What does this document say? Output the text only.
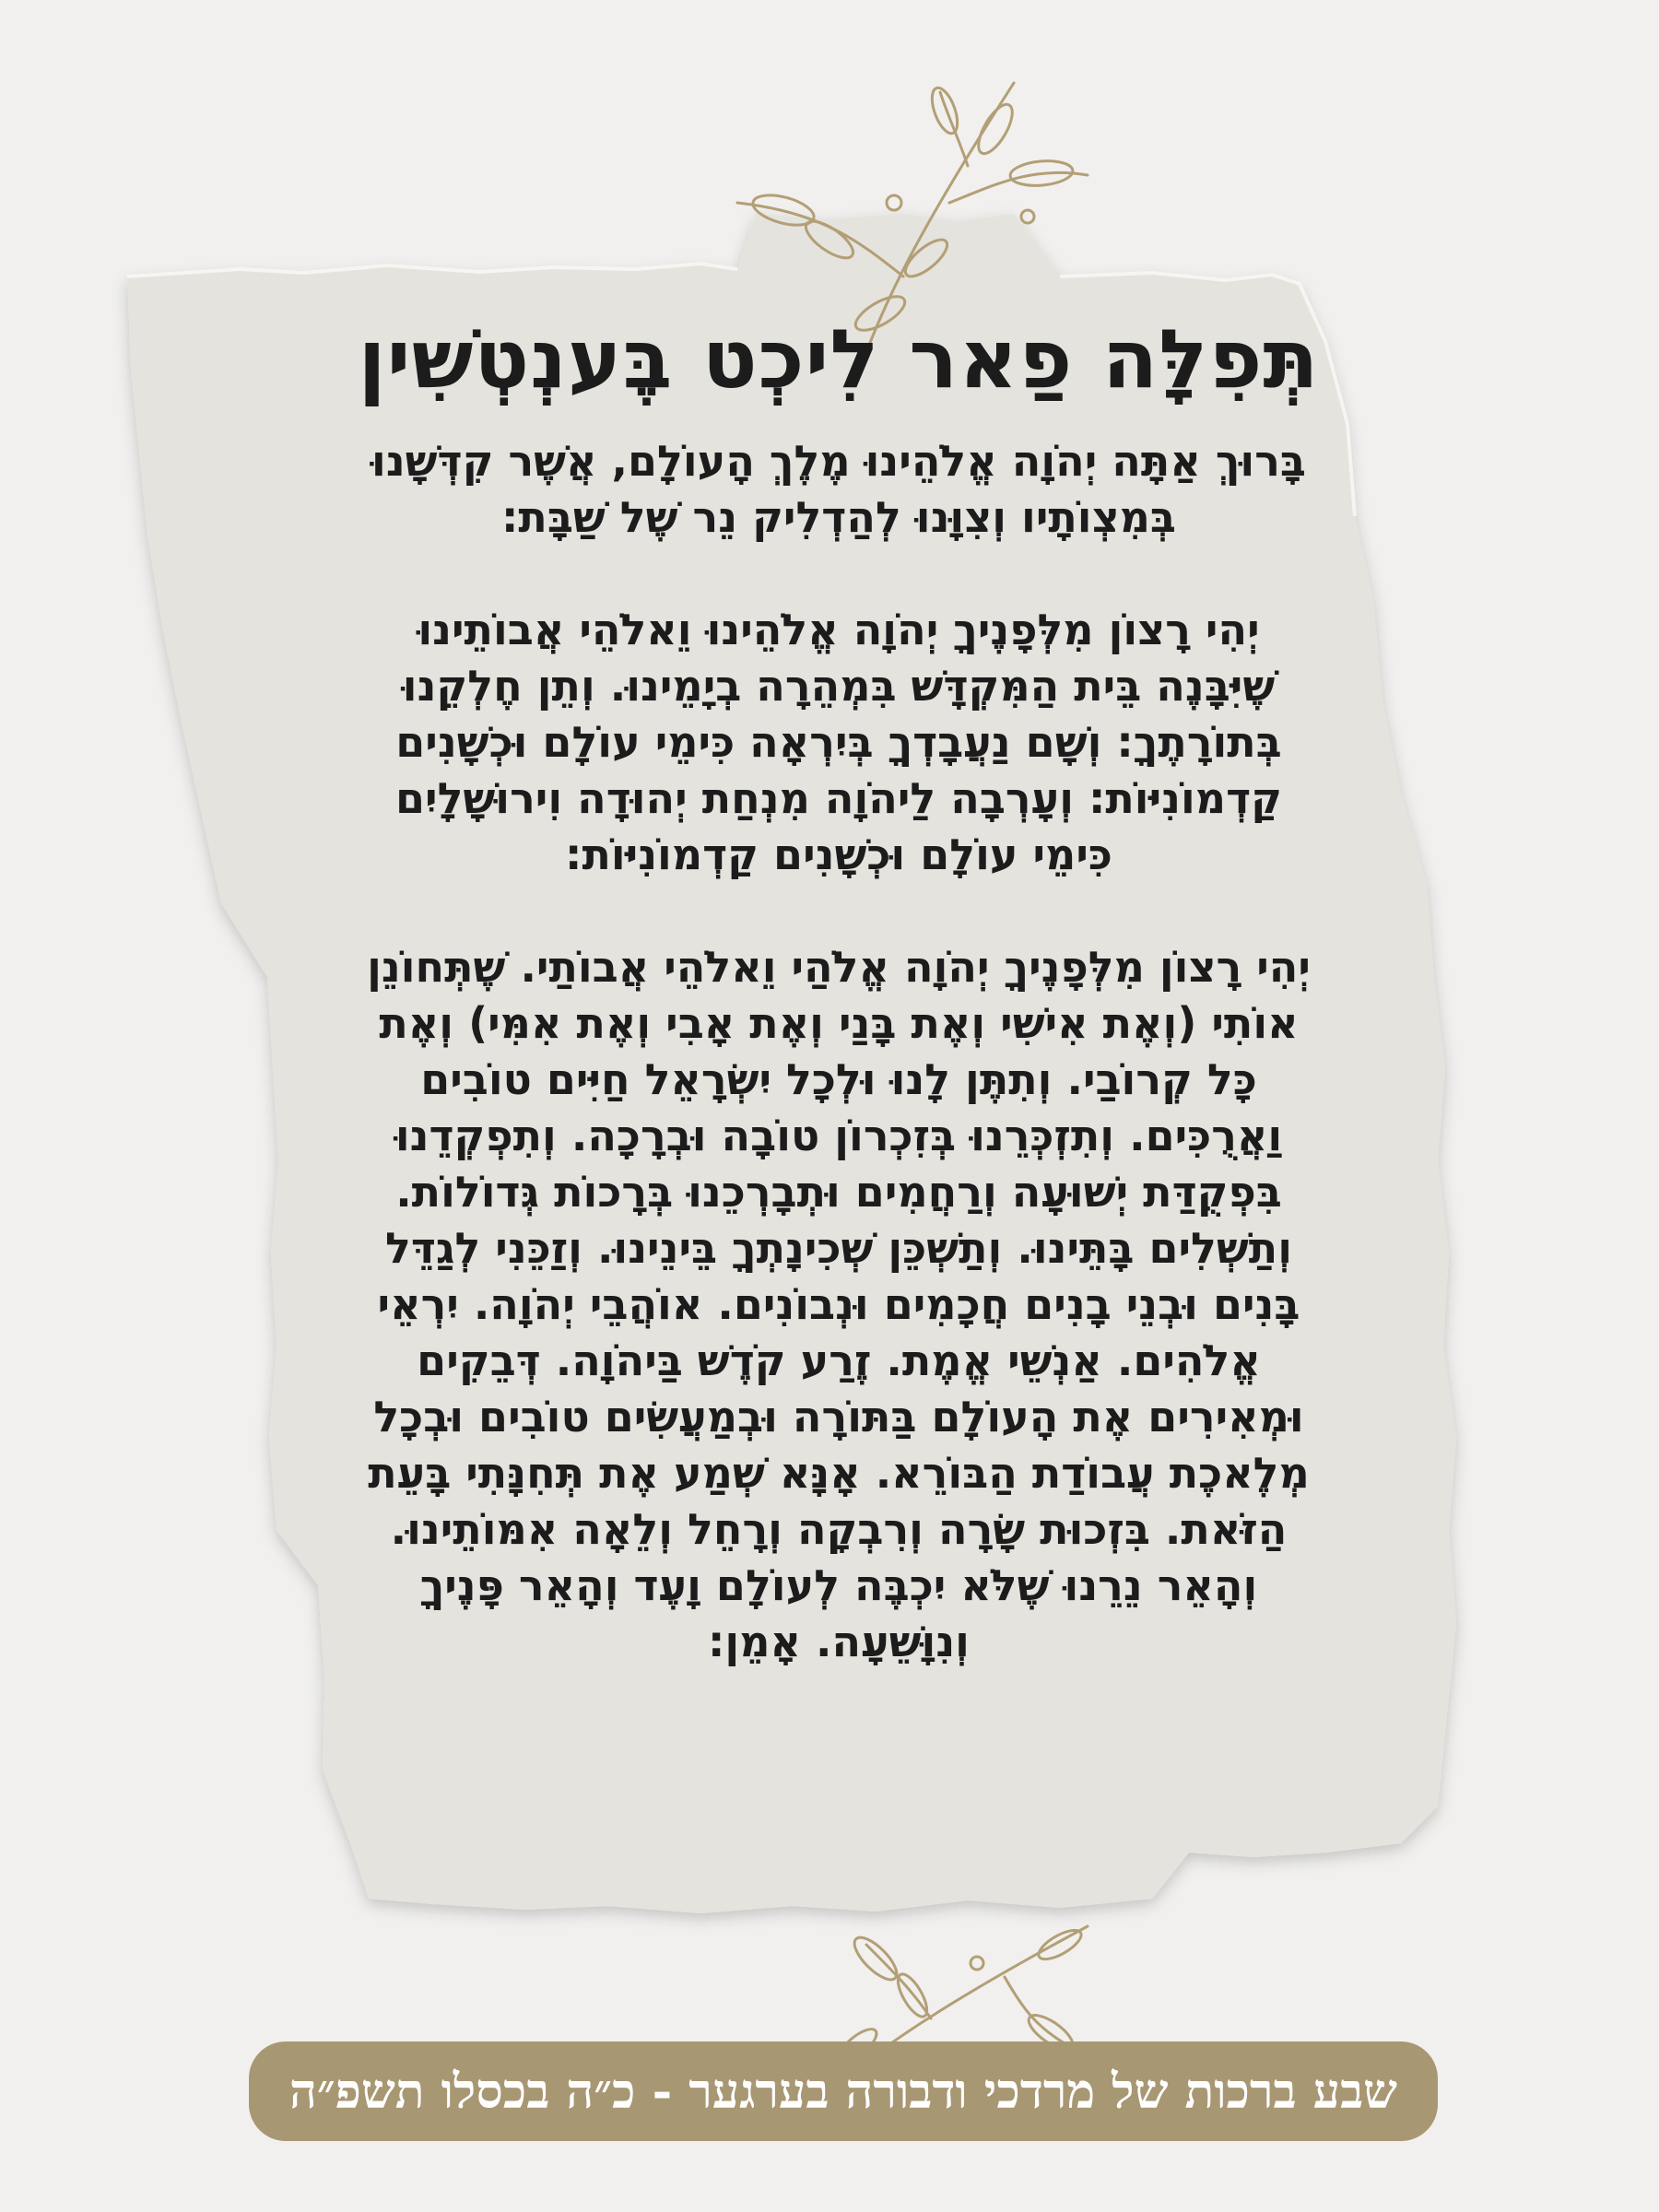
תְּפִלָּה פַאר לִיכְט בֶּענְטְשִׁין

בָּרוּךְ אַתָּה יְהֹוָה אֱלֹהֵינוּ מֶלֶךְ הָעוֹלָם, אֲשֶׁר קִדְּשָׁנוּ
בְּמִצְוֹתָיו וְצִוָּנוּ לְהַדְלִיק נֵר שֶׁל שַׁבָּת:

יְהִי רָצוֹן מִלְּפָנֶיךָ יְהֹוָה אֱלֹהֵינוּ וֵאלֹהֵי אֲבוֹתֵינוּ
שֶׁיִּבָּנֶה בֵּית הַמִּקְדָּשׁ בִּמְהֵרָה בְיָמֵינוּ. וְתֵן חֶלְקֵנוּ
בְּתוֹרָתֶךָ: וְשָׁם נַעֲבָדְךָ בְּיִרְאָה כִּימֵי עוֹלָם וּכְשָׁנִים
קַדְמוֹנִיּוֹת: וְעָרְבָה לַיהֹוָה מִנְחַת יְהוּדָה וִירוּשָׁלָיִם
כִּימֵי עוֹלָם וּכְשָׁנִים קַדְמוֹנִיּוֹת:

יְהִי רָצוֹן מִלְּפָנֶיךָ יְהֹוָה אֱלֹהַי וֵאלֹהֵי אֲבוֹתַי. שֶׁתְּחוֹנֵן
אוֹתִי (וְאֶת אִישִׁי וְאֶת בָּנַי וְאֶת אָבִי וְאֶת אִמִּי) וְאֶת
כָּל קְרוֹבַי. וְתִתֶּן לָנוּ וּלְכָל יִשְׂרָאֵל חַיִּים טוֹבִים
וַאֲרֻכִּים. וְתִזְכְּרֵנוּ בְּזִכְרוֹן טוֹבָה וּבְרָכָה. וְתִפְקְדֵנוּ
בִּפְקֻדַּת יְשׁוּעָה וְרַחֲמִים וּתְבָרְכֵנוּ בְּרָכוֹת גְּדוֹלוֹת.
וְתַשְׁלִים בָּתֵּינוּ. וְתַשְׁכֵּן שְׁכִינָתְךָ בֵּינֵינוּ. וְזַכֵּנִי לְגַדֵּל
בָּנִים וּבְנֵי בָנִים חֲכָמִים וּנְבוֹנִים. אוֹהֲבֵי יְהֹוָה. יִרְאֵי
אֱלֹהִים. אַנְשֵׁי אֱמֶת. זֶרַע קֹדֶשׁ בַּיהֹוָה. דְּבֵקִים
וּמְאִירִים אֶת הָעוֹלָם בַּתּוֹרָה וּבְמַעֲשִׂים טוֹבִים וּבְכָל
מְלֶאכֶת עֲבוֹדַת הַבּוֹרֵא. אָנָּא שְׁמַע אֶת תְּחִנָּתִי בָּעֵת
הַזֹּאת. בִּזְכוּת שָׂרָה וְרִבְקָה וְרָחֵל וְלֵאָה אִמּוֹתֵינוּ.
וְהָאֵר נֵרֵנוּ שֶׁלֹּא יִכְבֶּה לְעוֹלָם וָעֶד וְהָאֵר פָּנֶיךָ
וְנִוָּשֵׁעָה. אָמֵן:

שבע ברכות של מרדכי ודבורה בערגער - כ״ה בכסלו תשפ״ה
